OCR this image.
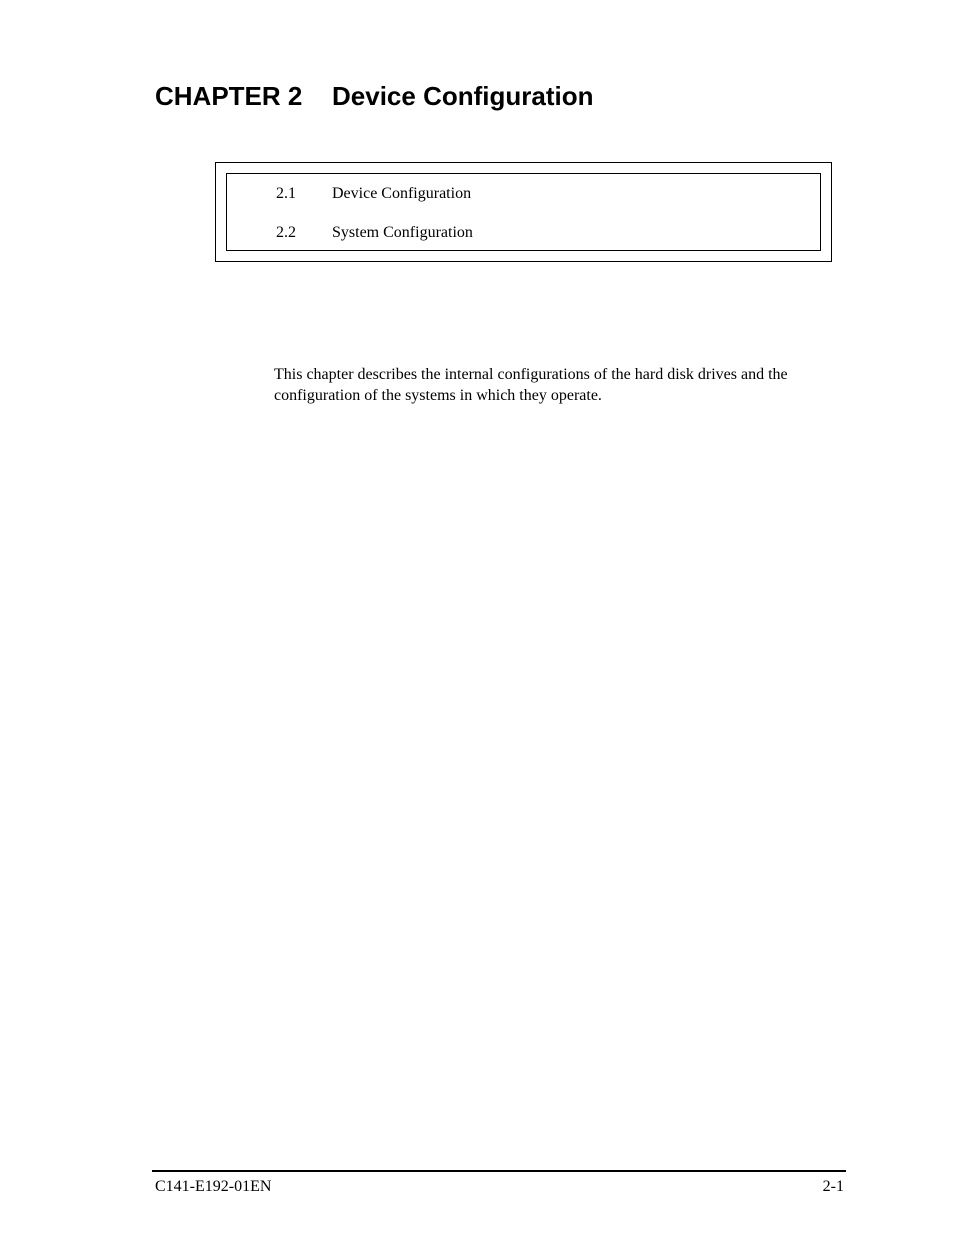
CHAPTER 2 Device Configuration
2.1 Device Configuration
2.2 System Configuration

This chapter describes the internal configurations of the hard disk drives and the configuration of the systems in which they operate.

C141-E192-01EN	2-1
